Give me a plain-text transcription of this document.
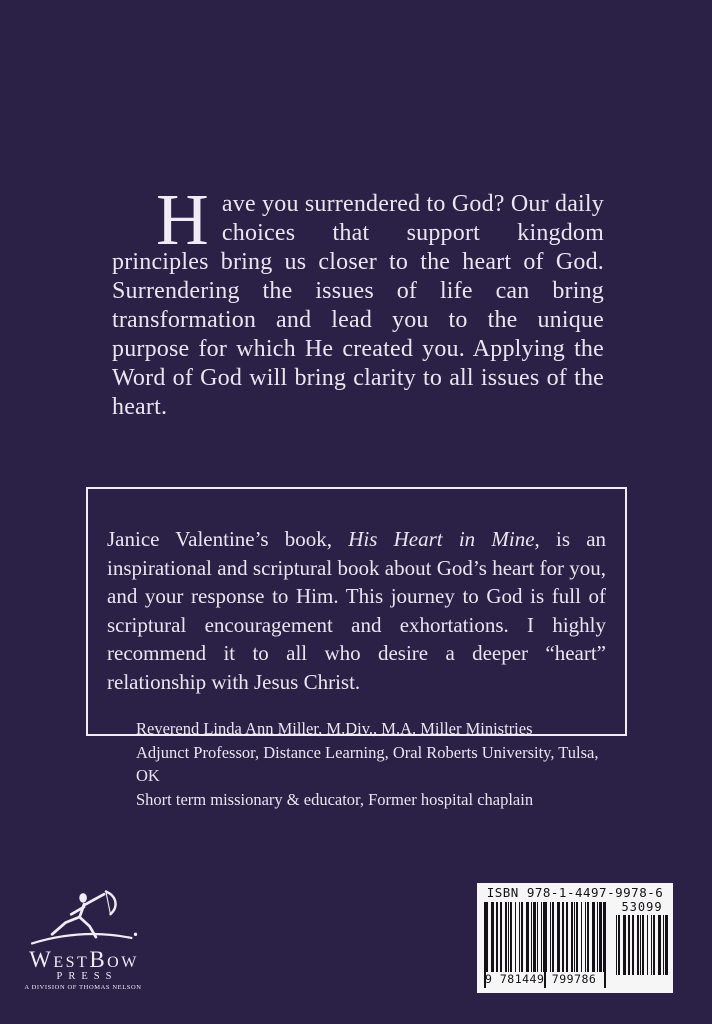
Have you surrendered to God? Our daily choices that support kingdom principles bring us closer to the heart of God. Surrendering the issues of life can bring transformation and lead you to the unique purpose for which He created you. Applying the Word of God will bring clarity to all issues of the heart.

Janice Valentine’s book, His Heart in Mine, is an inspirational and scriptural book about God’s heart for you, and your response to Him. This journey to God is full of scriptural encouragement and exhortations. I highly recommend it to all who desire a deeper “heart” relationship with Jesus Christ.

Reverend Linda Ann Miller, M.Div., M.A. Miller Ministries
Adjunct Professor, Distance Learning, Oral Roberts University, Tulsa, OK
Short term missionary & educator, Former hospital chaplain
WestBow
PRESS
A DIVISION OF THOMAS NELSON
ISBN 978-1-4497-9978-6
9 781449 799786
53099
